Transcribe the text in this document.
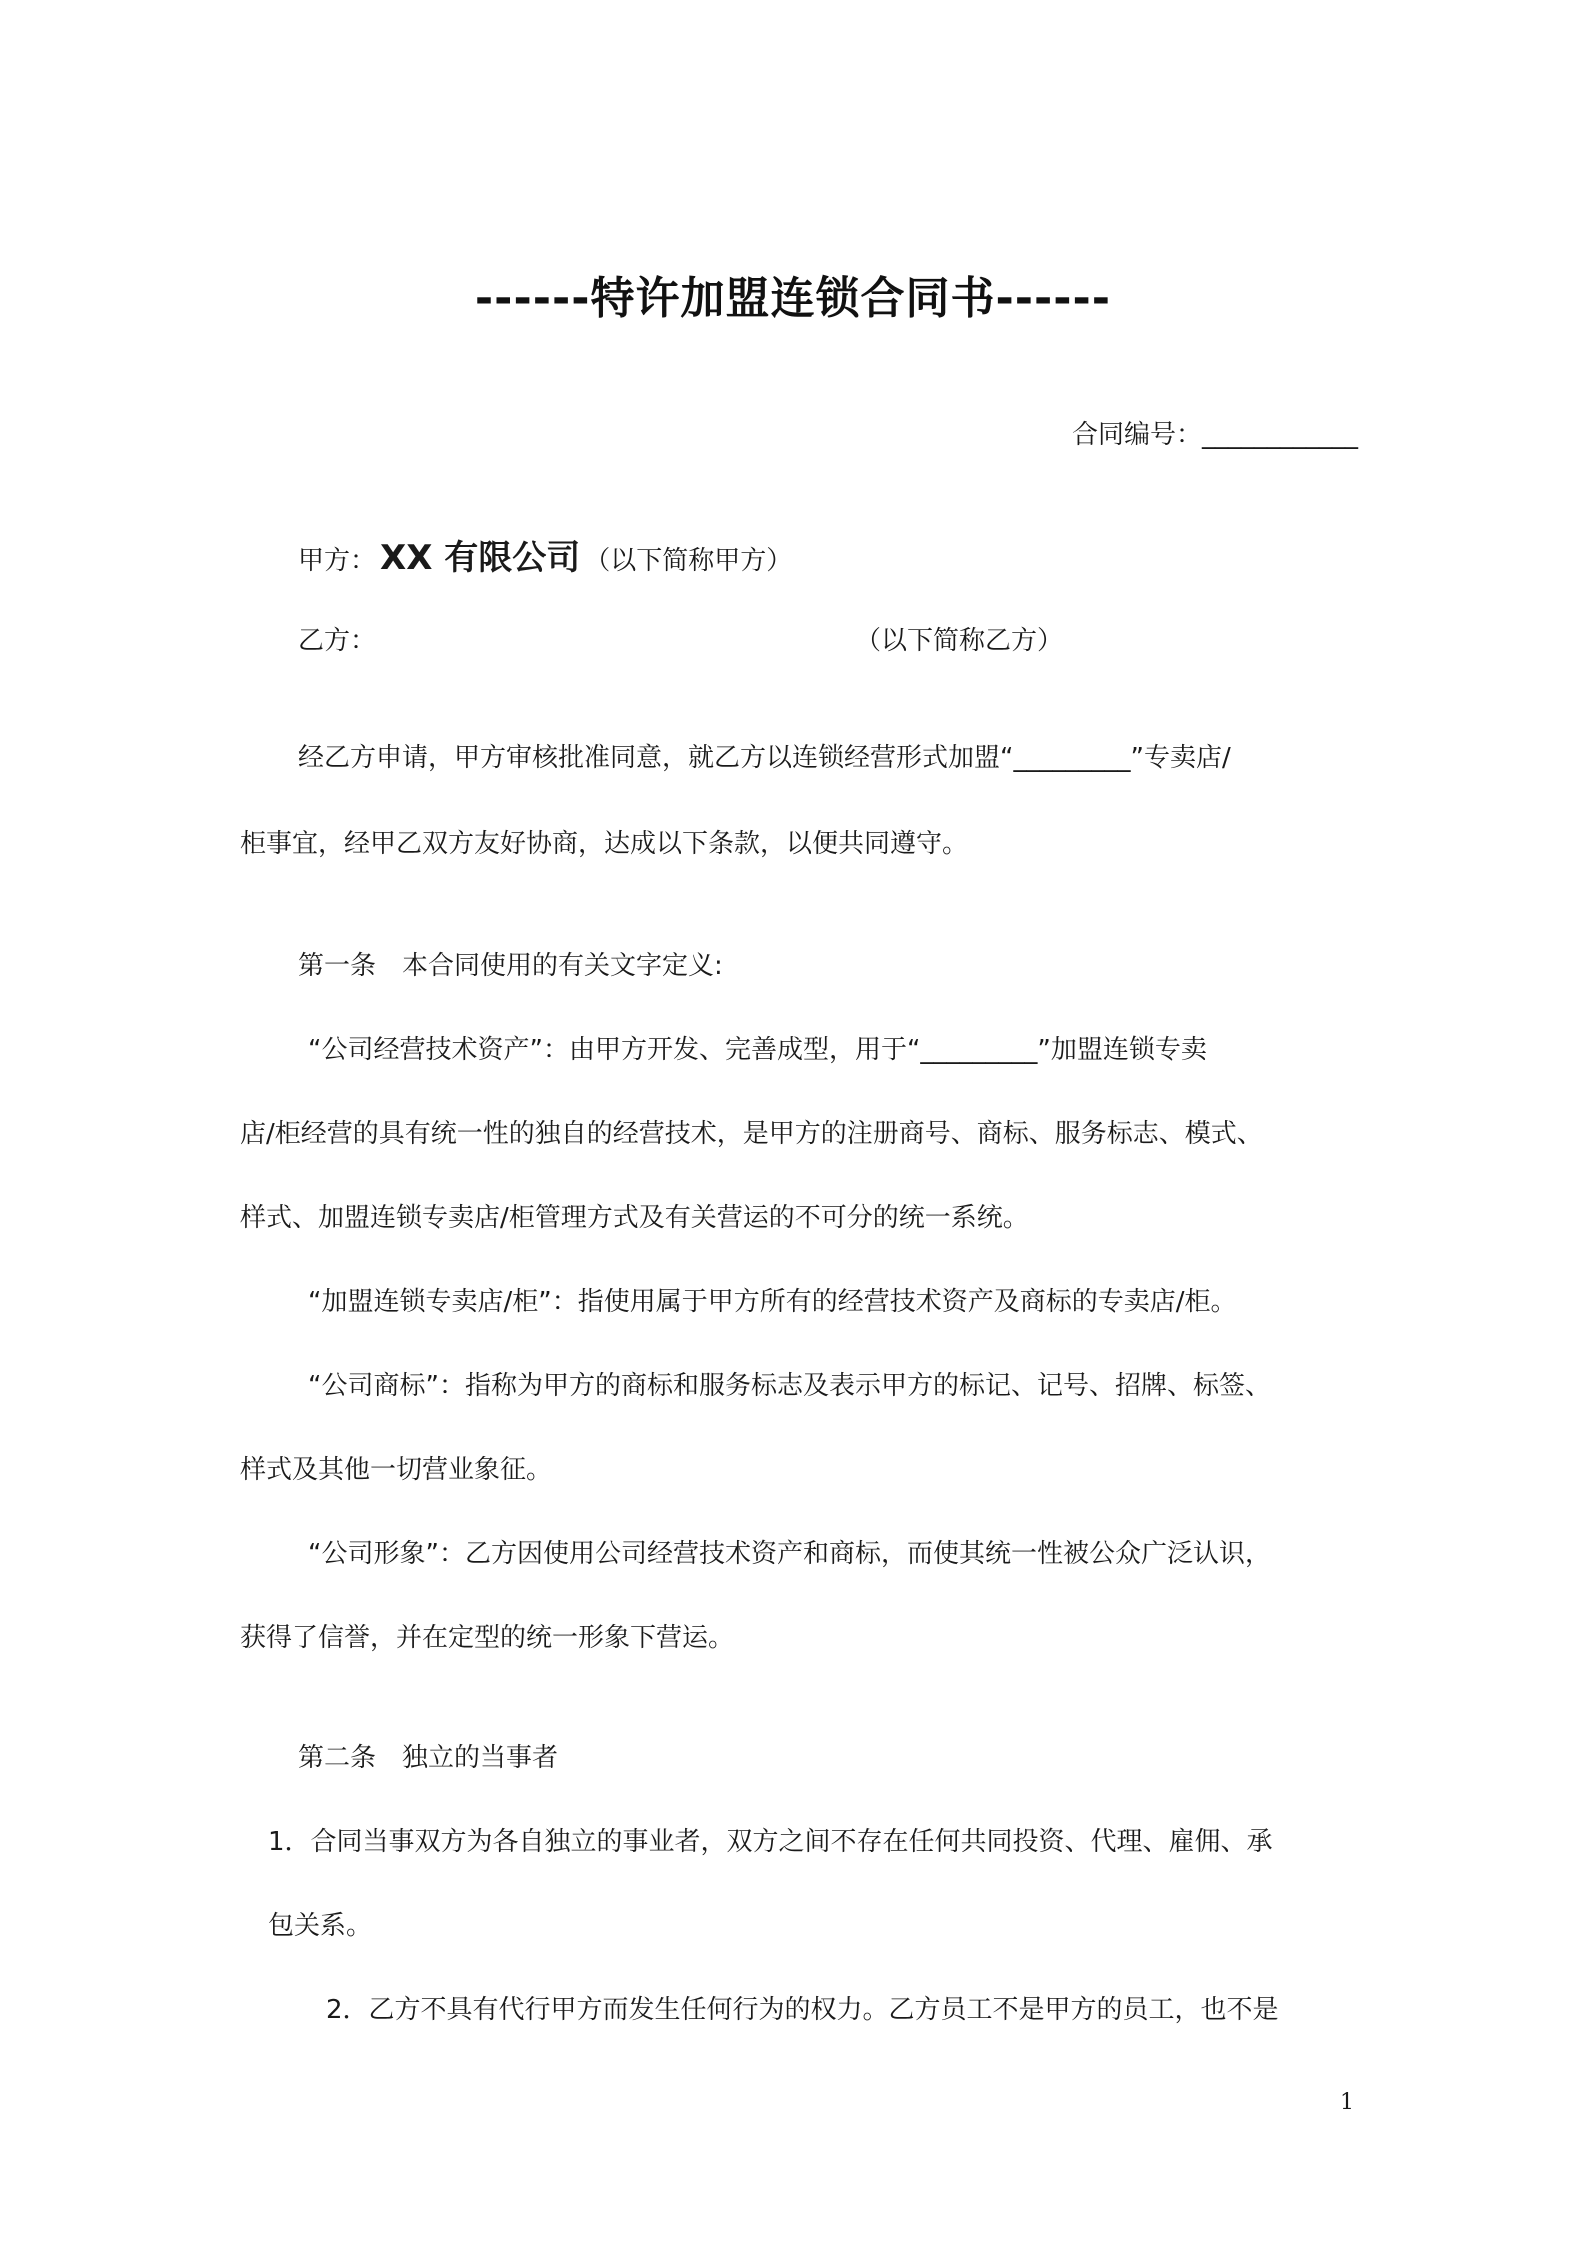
------特许加盟连锁合同书------
合同编号：____________
甲方： XX 有限公司 （以下简称甲方）
乙方：	（以下简称乙方）
经乙方申请，甲方审核批准同意，就乙方以连锁经营形式加盟“_________”专卖店/
柜事宜，经甲乙双方友好协商，达成以下条款，以便共同遵守。
第一条　本合同使用的有关文字定义:
“公司经营技术资产”：由甲方开发、完善成型，用于“_________”加盟连锁专卖
店/柜经营的具有统一性的独自的经营技术，是甲方的注册商号、商标、服务标志、模式、
样式、加盟连锁专卖店/柜管理方式及有关营运的不可分的统一系统。
“加盟连锁专卖店/柜”：指使用属于甲方所有的经营技术资产及商标的专卖店/柜。
“公司商标”：指称为甲方的商标和服务标志及表示甲方的标记、记号、招牌、标签、
样式及其他一切营业象征。
“公司形象”：乙方因使用公司经营技术资产和商标，而使其统一性被公众广泛认识，
获得了信誉，并在定型的统一形象下营运。
第二条　独立的当事者
1．合同当事双方为各自独立的事业者，双方之间不存在任何共同投资、代理、雇佣、承
包关系。
2．乙方不具有代行甲方而发生任何行为的权力。乙方员工不是甲方的员工，也不是
1
